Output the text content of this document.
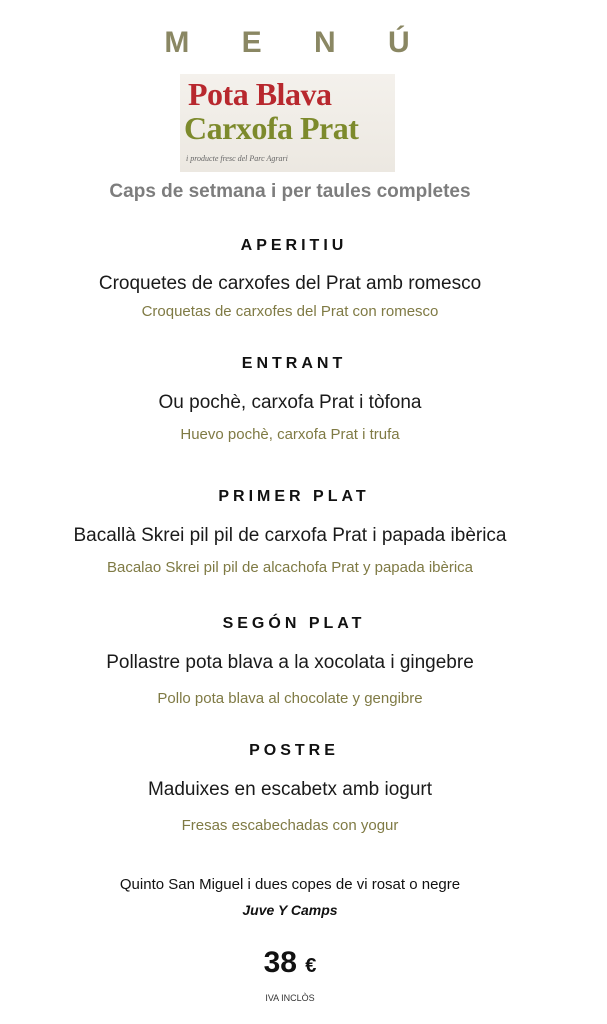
M E N Ú
Pota Blava
Carxofa Prat
i producte fresc del Parc Agrari
Caps de setmana i per taules completes
APERITIU
Croquetes de carxofes del Prat amb romesco
Croquetas de carxofes del Prat con romesco
ENTRANT
Ou pochè, carxofa Prat i tòfona
Huevo pochè, carxofa Prat i trufa
PRIMER PLAT
Bacallà Skrei pil pil de carxofa Prat i papada ibèrica
Bacalao Skrei pil pil de alcachofa Prat y papada ibèrica
SEGÓN PLAT
Pollastre pota blava a la xocolata i gingebre
Pollo pota blava al chocolate y gengibre
POSTRE
Maduixes en escabetx amb iogurt
Fresas escabechadas con yogur
Quinto San Miguel i dues copes de vi rosat o negre
Juve Y Camps
38 €
IVA INCLÒS
